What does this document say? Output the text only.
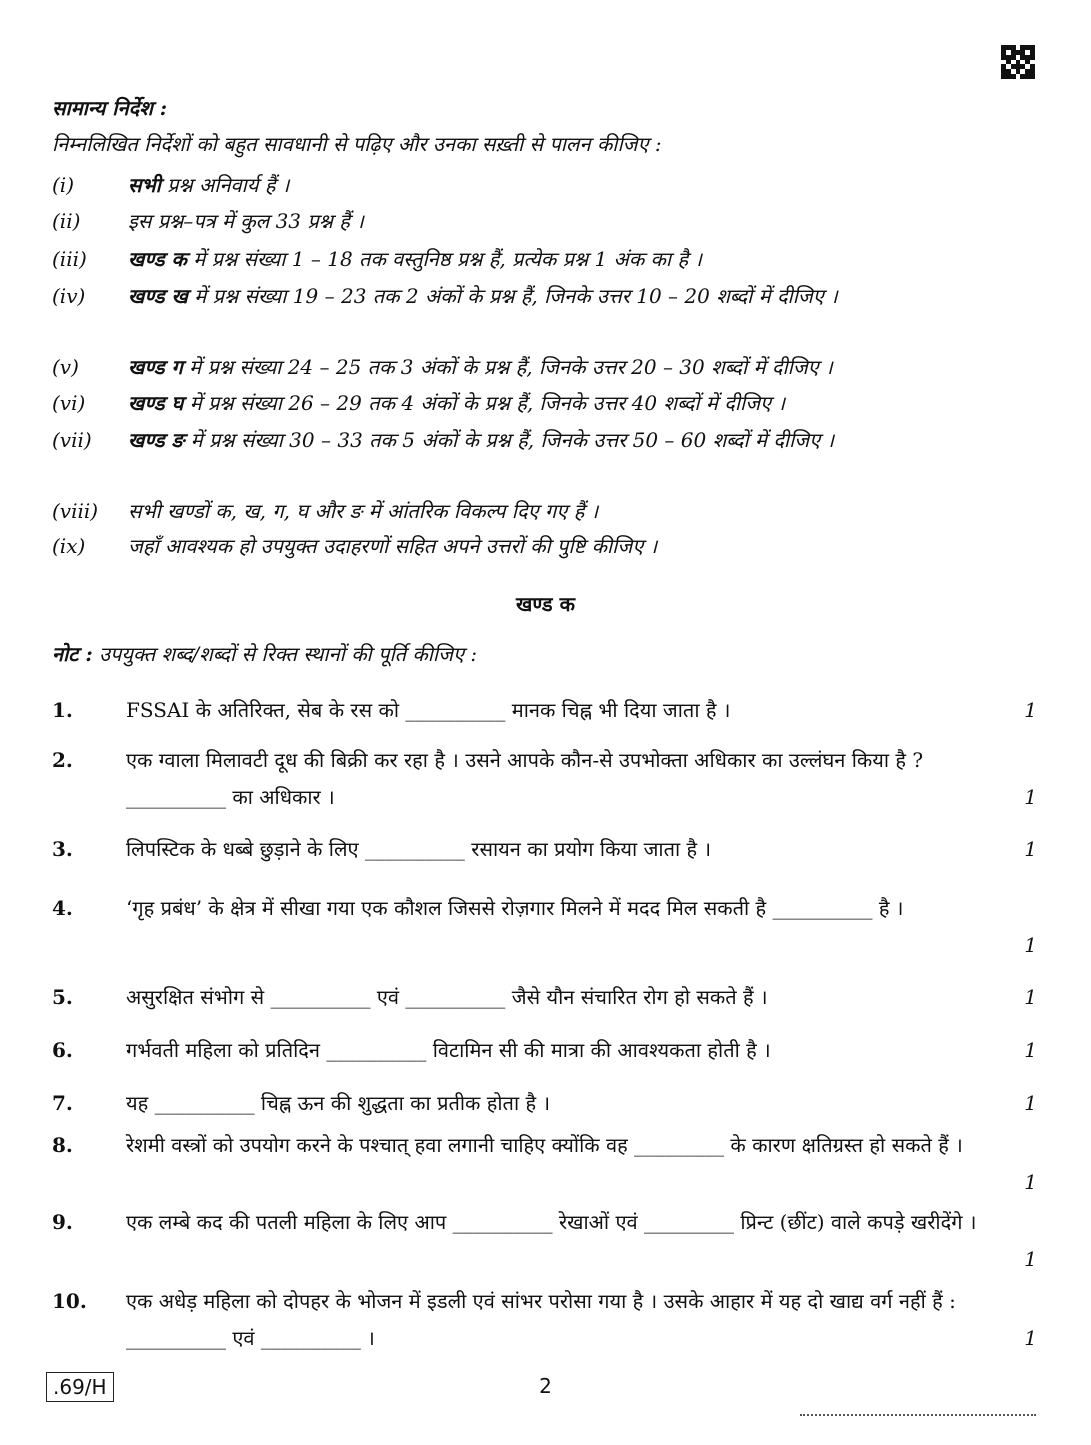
सामान्य निर्देश :
निम्नलिखित निर्देशों को बहुत सावधानी से पढ़िए और उनका सख़्ती से पालन कीजिए :
(i)	सभी प्रश्न अनिवार्य हैं ।
(ii) इस प्रश्न–पत्र में कुल 33 प्रश्न हैं ।
(iii) खण्ड क में प्रश्न संख्या 1 – 18 तक वस्तुनिष्ठ प्रश्न हैं, प्रत्येक प्रश्न 1 अंक का है ।
(iv) खण्ड ख में प्रश्न संख्या 19 – 23 तक 2 अंकों के प्रश्न हैं, जिनके उत्तर 10 – 20 शब्दों में दीजिए ।
(v) खण्ड ग में प्रश्न संख्या 24 – 25 तक 3 अंकों के प्रश्न हैं, जिनके उत्तर 20 – 30 शब्दों में दीजिए ।
(vi) खण्ड घ में प्रश्न संख्या 26 – 29 तक 4 अंकों के प्रश्न हैं, जिनके उत्तर 40 शब्दों में दीजिए ।
(vii) खण्ड ङ में प्रश्न संख्या 30 – 33 तक 5 अंकों के प्रश्न हैं, जिनके उत्तर 50 – 60 शब्दों में दीजिए ।
(viii) सभी खण्डों क, ख, ग, घ और ङ में आंतरिक विकल्प दिए गए हैं ।
(ix) जहाँ आवश्यक हो उपयुक्त उदाहरणों सहित अपने उत्तरों की पुष्टि कीजिए ।
खण्ड क
नोट : उपयुक्त शब्द/शब्दों से रिक्त स्थानों की पूर्ति कीजिए :
1.	FSSAI के अतिरिक्त, सेब के रस को __________ मानक चिह्न भी दिया जाता है ।	1
2.	एक ग्वाला मिलावटी दूध की बिक्री कर रहा है । उसने आपके कौन-से उपभोक्ता अधिकार का उल्लंघन किया है ? __________ का अधिकार ।	1
3.	लिपस्टिक के धब्बे छुड़ाने के लिए __________ रसायन का प्रयोग किया जाता है ।	1
4.	‘गृह प्रबंध’ के क्षेत्र में सीखा गया एक कौशल जिससे रोज़गार मिलने में मदद मिल सकती है __________ है ।
1
5.	असुरक्षित संभोग से __________ एवं __________ जैसे यौन संचारित रोग हो सकते हैं ।	1
6.	गर्भवती महिला को प्रतिदिन __________ विटामिन सी की मात्रा की आवश्यकता होती है ।	1
7.	यह __________ चिह्न ऊन की शुद्धता का प्रतीक होता है ।	1
8.	रेशमी वस्त्रों को उपयोग करने के पश्चात् हवा लगानी चाहिए क्योंकि वह _________ के कारण क्षतिग्रस्त हो सकते हैं ।
1
9.	एक लम्बे कद की पतली महिला के लिए आप __________ रेखाओं एवं _________ प्रिन्ट (छींट) वाले कपड़े खरीदेंगे ।
1
10. एक अधेड़ महिला को दोपहर के भोजन में इडली एवं सांभर परोसा गया है । उसके आहार में यह दो खाद्य वर्ग नहीं हैं : __________ एवं __________ ।	1
.69/H	2
